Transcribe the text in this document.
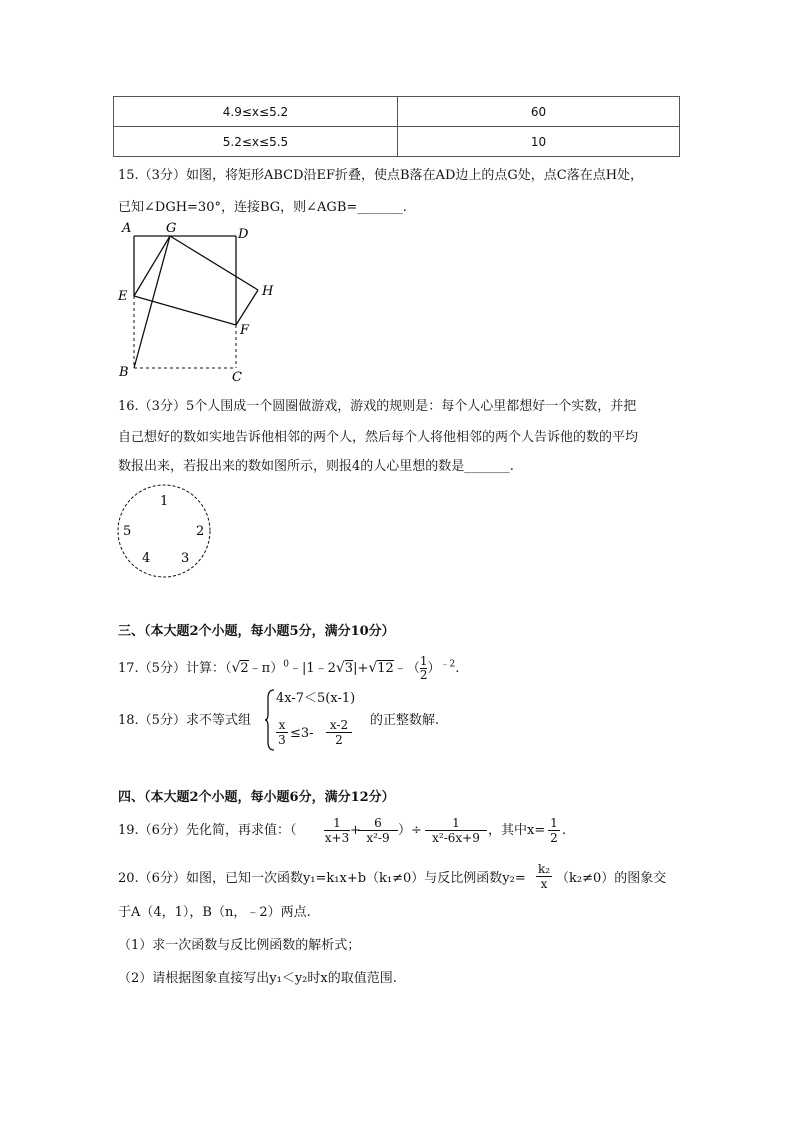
4.9≤x≤5.2	60
5.2≤x≤5.5	10
15.（3分）如图，将矩形ABCD沿EF折叠，使点B落在AD边上的点G处，点C落在点H处，
已知∠DGH=30°，连接BG，则∠AGB=_______.
A	G	D
E	H
F
B	C
16.（3分）5个人围成一个圆圈做游戏，游戏的规则是：每个人心里都想好一个实数，并把
自己想好的数如实地告诉他相邻的两个人，然后每个人将他相邻的两个人告诉他的数的平均
数报出来，若报出来的数如图所示，则报4的人心里想的数是_______.
1
2
3
4
5
三、（本大题2个小题，每小题5分，满分10分）
17.（5分）计算：（√2﹣π）$^0$﹣|1﹣2√3|+√12﹣（ $\frac{1}{2} )^{﹣2}$.
18.（5分）求不等式组
4x-7＜5(x-1)
$\frac{x}{3} \le 3- \frac{x-2}{2}$ 的正整数解.
四、（本大题2个小题，每小题6分，满分12分）
19.（6分）先化简，再求值：（ $\frac{1}{x+3}$ +
$\frac{6}{\text{x²-9}}$ ）÷ $\frac{1}{\text{x²-6x+9}}$ ，其中$x= \frac{1}{2}$ .
20.（6分）如图，已知一次函数y₁=k₁x+b（k₁≠0）与反比例函数$y_2= \frac{\text{k₂}}{x} (k_2\ne 0)$的图象交
于A（4，1），B（n，﹣2）两点.
（1）求一次函数与反比例函数的解析式；
（2）请根据图象直接写出y₁＜y₂时x的取值范围.
